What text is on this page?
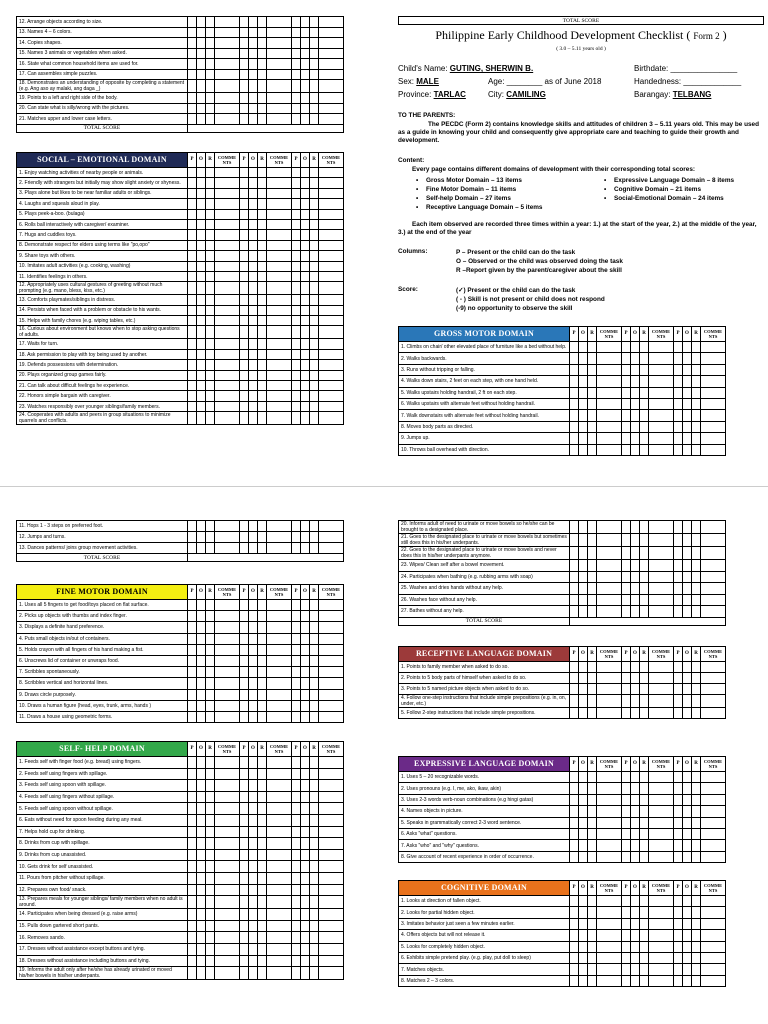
12. Arrange objects according to size.												
13. Names 4 – 6 colors.												
14. Copies shapes.												
15. Names 3 animals or vegetables when asked.												
16. State what common household items are used for.												
17. Can assembles simple puzzles.												
18. Demonstrates an understanding of opposite by completing a statement (e.g. Ang aso ay malaki, ang daga _)												
19. Points to a left and right side of the body.												
20. Can state what is silly/wrong with the pictures.												
21. Matches upper and lower case letters.												
TOTAL SCORE												
SOCIAL – EMOTIONAL DOMAIN	P	O	R	COMME NTS	P	O	R	COMME NTS	P	O	R	COMME NTS
1. Enjoy watching activities of nearby people or animals.												
2. Friendly with strangers but initially may show slight anxiety or shyness.												
3. Plays alone but likes to be near familiar adults or siblings.												
4. Laughs and squeals aloud in play.												
5. Plays peek-a-boo. (bulaga)												
6. Rolls ball interactively with caregiver/ examiner.												
7. Hugs and cuddles toys.												
8. Demonstrate respect for elders using terms like "po,opo"												
9. Share toys with others.												
10. Imitates adult activities (e.g. cooking, washing)												
11. Identifies feelings in others.												
12. Appropriately uses cultural gestures of greeting without much prompting (e.g. mano, bless, kiss, etc.)												
13. Comforts playmates/siblings in distress.												
14. Persists when faced with a problem or obstacle to his wants.												
15. Helps with family chores (e.g. wiping tables, etc.)												
16. Curious about environment but knows when to stop asking questions of adults.												
17. Waits for turn.												
18. Ask permission to play with toy being used by another.												
19. Defends possessions with determination.												
20. Plays organized group games fairly.												
21. Can talk about difficult feelings he experience.												
22. Honors simple bargain with caregiver.												
23. Watches responsibly over younger siblings/family members.												
24. Cooperates with adults and peers in group situations to minimize quarrels and conflicts.												
TOTAL SCORE
Philippine Early Childhood Development Checklist ( Form 2 )
( 3.0 – 5.11 years old )
Child's Name: GUTING, SHERWIN B.	Birthdate: _______________
Sex: MALE	Age: ________ as of June 2018	Handedness: _____________
Province: TARLAC	City: CAMILING	Barangay: TELBANG
TO THE PARENTS:
The PECDC (Form 2) contains knowledge skills and attitudes of children 3 – 5.11 years old. This may be used as a guide in knowing your child and consequently give appropriate care and teaching to guide their growth and development.
Content:
Every page contains different domains of development with their corresponding total scores:
• Gross Motor Domain – 13 items
• Fine Motor Domain – 11 items
• Self-help Domain – 27 items
• Receptive Language Domain – 5 items
• Expressive Language Domain – 8 items
• Cognitive Domain – 21 items
• Social-Emotional Domain – 24 items
Each item observed are recorded three times within a year: 1.) at the start of the year, 2.) at the middle of the year, 3.) at the end of the year
Columns:	P – Present or the child can do the task
O – Observed or the child was observed doing the task
R –Report given by the parent/caregiver about the skill
Score:	(✓) Present or the child can do the task
( - ) Skill is not present or child does not respond
(-9) no opportunity to observe the skill
GROSS MOTOR DOMAIN	P	O	R	COMME NTS	P	O	R	COMME NTS	P	O	R	COMME NTS
1. Climbs on chair/ other elevated place of furniture like a bed without help.												
2. Walks backwards.												
3. Runs without tripping or falling.												
4. Walks down stairs, 2 feet on each step, with one hand held.												
5. Walks upstairs holding handrail, 2 ft on each step.												
6. Walks upstairs with alternate feet without holding handrail.												
7. Walk downstairs with alternate feet without holding handrail.												
8. Moves body parts as directed.												
9. Jumps up.												
10. Throws ball overhead with direction.												
11. Hops 1 - 3 steps on preferred foot.												
12. Jumps and turns.												
13. Dances patterns/ joins group movement activities.												
TOTAL SCORE												
FINE MOTOR DOMAIN	P	O	R	COMME NTS	P	O	R	COMME NTS	P	O	R	COMME NTS
1. Uses all 5 fingers to get food/toys placed on flat surface.												
2. Picks up objects with thumbs and index finger.												
3. Displays a definite hand preference.												
4. Puts small objects in/out of containers.												
5. Holds crayon with all fingers of his hand making a fist.												
6. Unscrews lid of container or unwraps food.												
7. Scribbles spontaneously.												
8. Scribbles vertical and horizontal lines.												
9. Draws circle purposely.												
10. Draws a human figure (head, eyes, trunk, arms, hands )												
11. Draws a house using geometric forms.												
SELF- HELP DOMAIN	P	O	R	COMME NTS	P	O	R	COMME NTS	P	O	R	COMME NTS
1. Feeds self with finger food (e.g. bread) using fingers.												
2. Feeds self using fingers with spillage.												
3. Feeds self using spoon with spillage.												
4. Feeds self using fingers without spillage.												
5. Feeds self using spoon without spillage.												
6. Eats without need for spoon feeding during any meal.												
7. Helps hold cup for drinking.												
8. Drinks from cup with spillage.												
9. Drinks from cup unassisted.												
10. Gets drink for self unassisted.												
11. Pours from pitcher without spillage.												
12. Prepares own food/ snack.												
13. Prepares meals for younger siblings/ family members when no adult is around.												
14. Participates when being dressed (e.g. raise arms)												
15. Pulls down gartered short pants.												
16. Removes sando.												
17. Dresses without assistance except buttons and tying.												
18. Dresses without assistance including buttons and tying.												
19. Informs the adult only after he/she has already urinated or moved his/her bowels in his/her underpants.												
20. Informs adult of need to urinate or move bowels so he/she can be brought to a designated place.												
21. Goes to the designated place to urinate or move bowels but sometimes still does this in his/her underpants.												
22. Goes to the designated place to urinate or move bowels and never does this in his/her underpants anymore.												
23. Wipes/ Clean self after a bowel movement.												
24. Participates when bathing (e.g. rubbing arms with soap)												
25. Washes and dries hands without any help.												
26. Washes face without any help.												
27. Bathes without any help.												
TOTAL SCORE												
RECEPTIVE LANGUAGE DOMAIN	P	O	R	COMME NTS	P	O	R	COMME NTS	P	O	R	COMME NTS
1. Points to family member when asked to do so.												
2. Points to 5 body parts of himself when asked to do so.												
3. Points to 5 named picture objects when asked to do so.												
4. Follow one-step instructions that include simple prepositions (e.g. in, on, under, etc.)												
5. Follow 2-step instructions that include simple prepositions.												
EXPRESSIVE LANGUAGE DOMAIN	P	O	R	COMME NTS	P	O	R	COMME NTS	P	O	R	COMME NTS
1. Uses 5 – 20 recognizable words.												
2. Uses pronouns (e.g. I, me, ako, ikaw, akin)												
3. Uses 2-3 words verb-noun combinations (e.g hingi gatas)												
4. Names objects in picture.												
5. Speaks in grammatically correct 2-3 word sentence.												
6. Asks "what" questions.												
7. Asks "who" and "why" questions.												
8. Give account of recent experience in order of occurrence.												
COGNITIVE DOMAIN	P	O	R	COMME NTS	P	O	R	COMME NTS	P	O	R	COMME NTS
1. Looks at direction of fallen object.												
2. Looks for partial hidden object.												
3. Imitates behavior just seen a few minutes earlier.												
4. Offers objects but will not release it.												
5. Looks for completely hidden object.												
6. Exhibits simple pretend play. (e.g. play, put doll to sleep)												
7. Matches objects.												
8. Matches 2 – 3 colors.												
